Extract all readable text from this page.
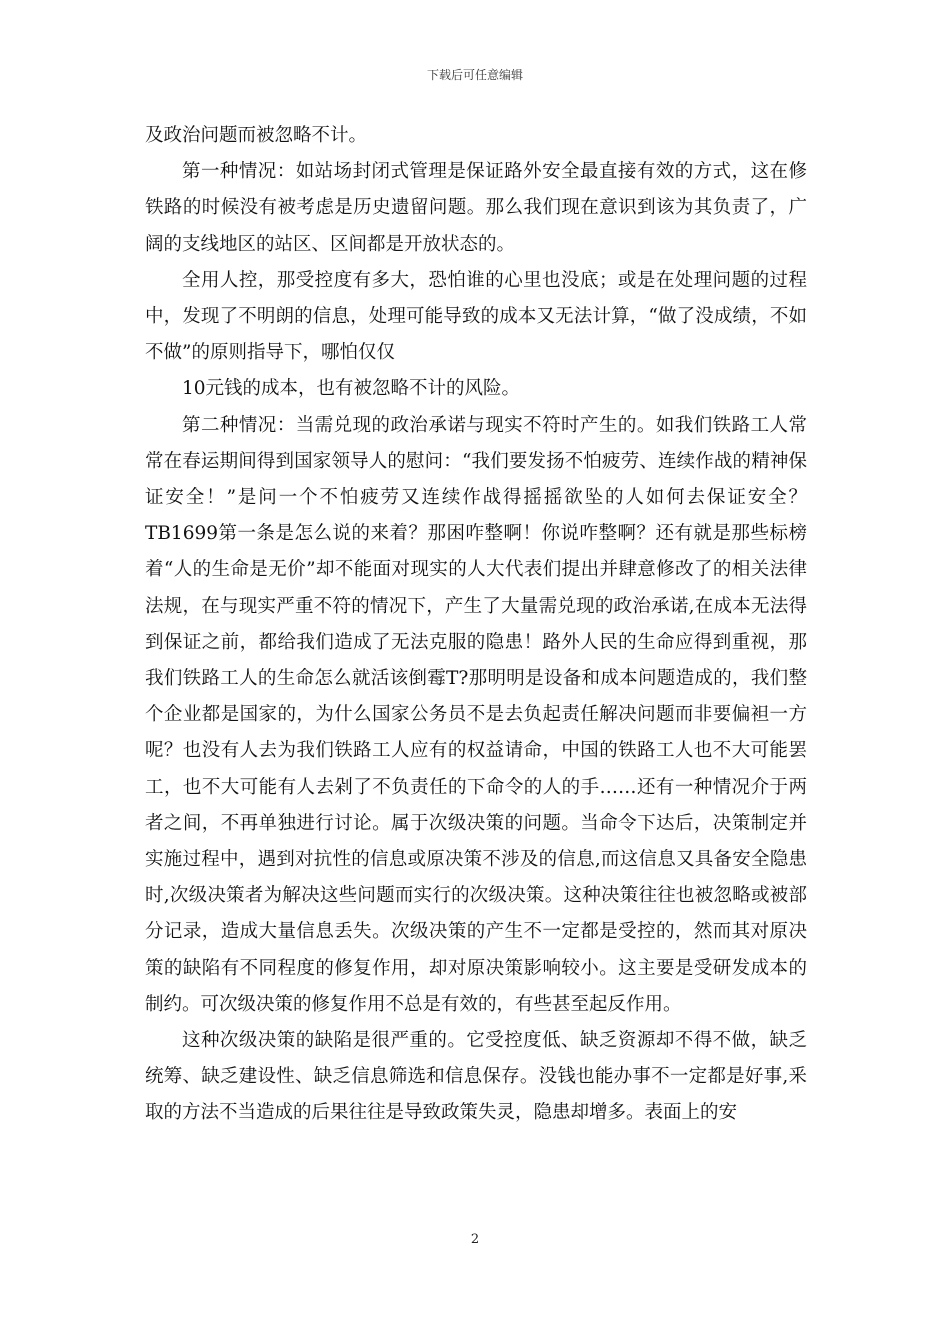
下载后可任意编辑

及政治问题而被忽略不计。

第一种情况：如站场封闭式管理是保证路外安全最直接有效的方式，这在修铁路的时候没有被考虑是历史遗留问题。那么我们现在意识到该为其负责了，广阔的支线地区的站区、区间都是开放状态的。

全用人控，那受控度有多大，恐怕谁的心里也没底；或是在处理问题的过程中，发现了不明朗的信息，处理可能导致的成本又无法计算，“做了没成绩，不如不做”的原则指导下，哪怕仅仅

10元钱的成本，也有被忽略不计的风险。

第二种情况：当需兑现的政治承诺与现实不符时产生的。如我们铁路工人常常在春运期间得到国家领导人的慰问：“我们要发扬不怕疲劳、连续作战的精神保证安全！”是问一个不怕疲劳又连续作战得摇摇欲坠的人如何去保证安全？TB1699第一条是怎么说的来着？那困咋整啊！你说咋整啊？还有就是那些标榜着“人的生命是无价”却不能面对现实的人大代表们提出并肆意修改了的相关法律法规，在与现实严重不符的情况下，产生了大量需兑现的政治承诺,在成本无法得到保证之前，都给我们造成了无法克服的隐患！路外人民的生命应得到重视，那我们铁路工人的生命怎么就活该倒霉T?那明明是设备和成本问题造成的，我们整个企业都是国家的，为什么国家公务员不是去负起责任解决问题而非要偏袒一方呢？也没有人去为我们铁路工人应有的权益请命，中国的铁路工人也不大可能罢工，也不大可能有人去剁了不负责任的下命令的人的手……还有一种情况介于两者之间，不再单独进行讨论。属于次级决策的问题。当命令下达后，决策制定并实施过程中，遇到对抗性的信息或原决策不涉及的信息,而这信息又具备安全隐患时,次级决策者为解决这些问题而实行的次级决策。这种决策往往也被忽略或被部分记录，造成大量信息丢失。次级决策的产生不一定都是受控的，然而其对原决策的缺陷有不同程度的修复作用，却对原决策影响较小。这主要是受研发成本的制约。可次级决策的修复作用不总是有效的，有些甚至起反作用。

这种次级决策的缺陷是很严重的。它受控度低、缺乏资源却不得不做，缺乏统筹、缺乏建设性、缺乏信息筛选和信息保存。没钱也能办事不一定都是好事,釆取的方法不当造成的后果往往是导致政策失灵，隐患却增多。表面上的安

2
